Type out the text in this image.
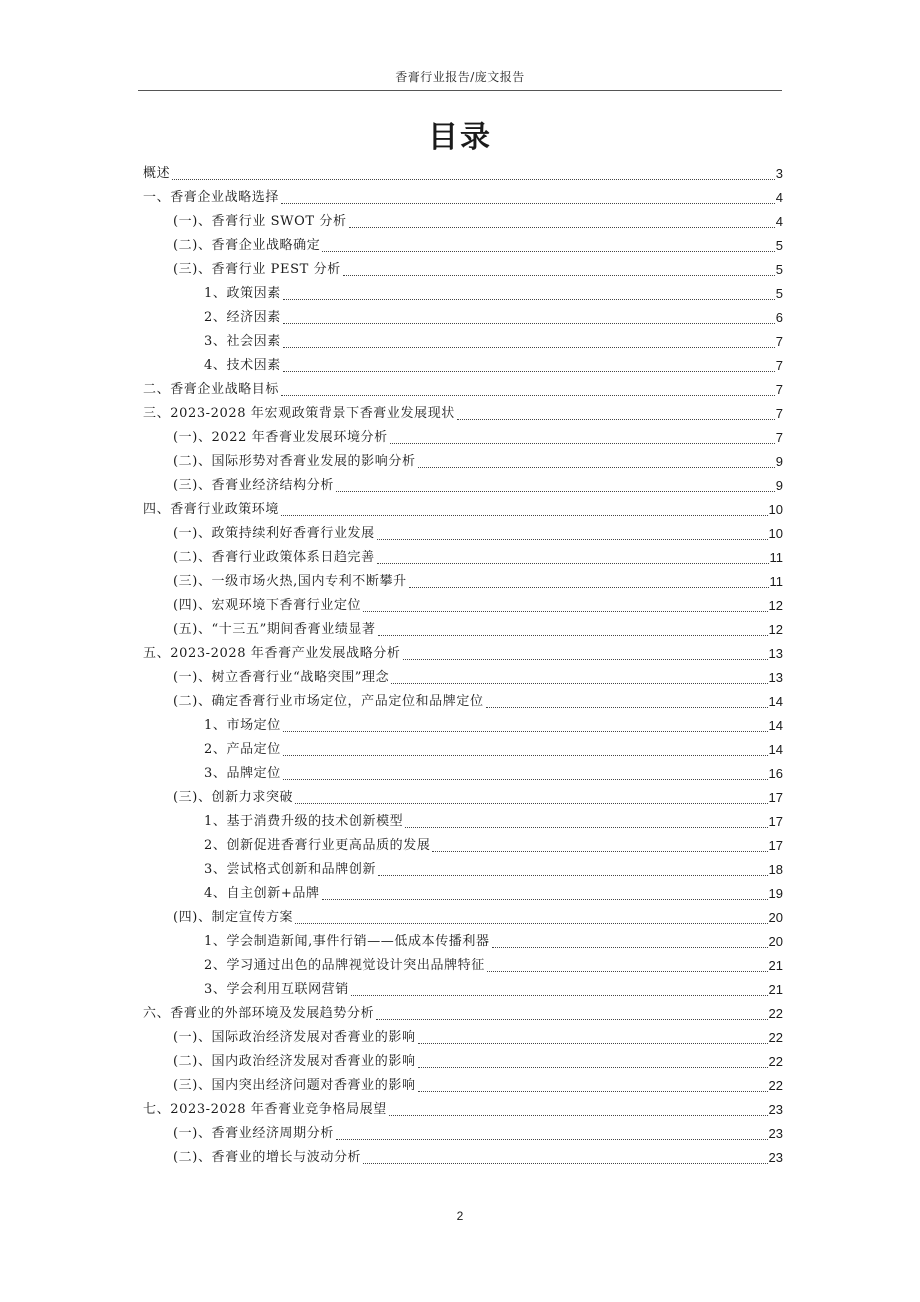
香膏行业报告/庞文报告
目录
概述	3
一、香膏企业战略选择	4
(一)、香膏行业 SWOT 分析	4
(二)、香膏企业战略确定	5
(三)、香膏行业 PEST 分析	5
1、政策因素	5
2、经济因素	6
3、社会因素	7
4、技术因素	7
二、香膏企业战略目标	7
三、2023-2028 年宏观政策背景下香膏业发展现状	7
(一)、2022 年香膏业发展环境分析	7
(二)、国际形势对香膏业发展的影响分析	9
(三)、香膏业经济结构分析	9
四、香膏行业政策环境	10
(一)、政策持续利好香膏行业发展	10
(二)、香膏行业政策体系日趋完善	11
(三)、一级市场火热,国内专利不断攀升	11
(四)、宏观环境下香膏行业定位	12
(五)、“十三五”期间香膏业绩显著	12
五、2023-2028 年香膏产业发展战略分析	13
(一)、树立香膏行业“战略突围”理念	13
(二)、确定香膏行业市场定位，产品定位和品牌定位	14
1、市场定位	14
2、产品定位	14
3、品牌定位	16
(三)、创新力求突破	17
1、基于消费升级的技术创新模型	17
2、创新促进香膏行业更高品质的发展	17
3、尝试格式创新和品牌创新	18
4、自主创新+品牌	19
(四)、制定宣传方案	20
1、学会制造新闻,事件行销——低成本传播利器	20
2、学习通过出色的品牌视觉设计突出品牌特征	21
3、学会利用互联网营销	21
六、香膏业的外部环境及发展趋势分析	22
(一)、国际政治经济发展对香膏业的影响	22
(二)、国内政治经济发展对香膏业的影响	22
(三)、国内突出经济问题对香膏业的影响	22
七、2023-2028 年香膏业竞争格局展望	23
(一)、香膏业经济周期分析	23
(二)、香膏业的增长与波动分析	23
2
